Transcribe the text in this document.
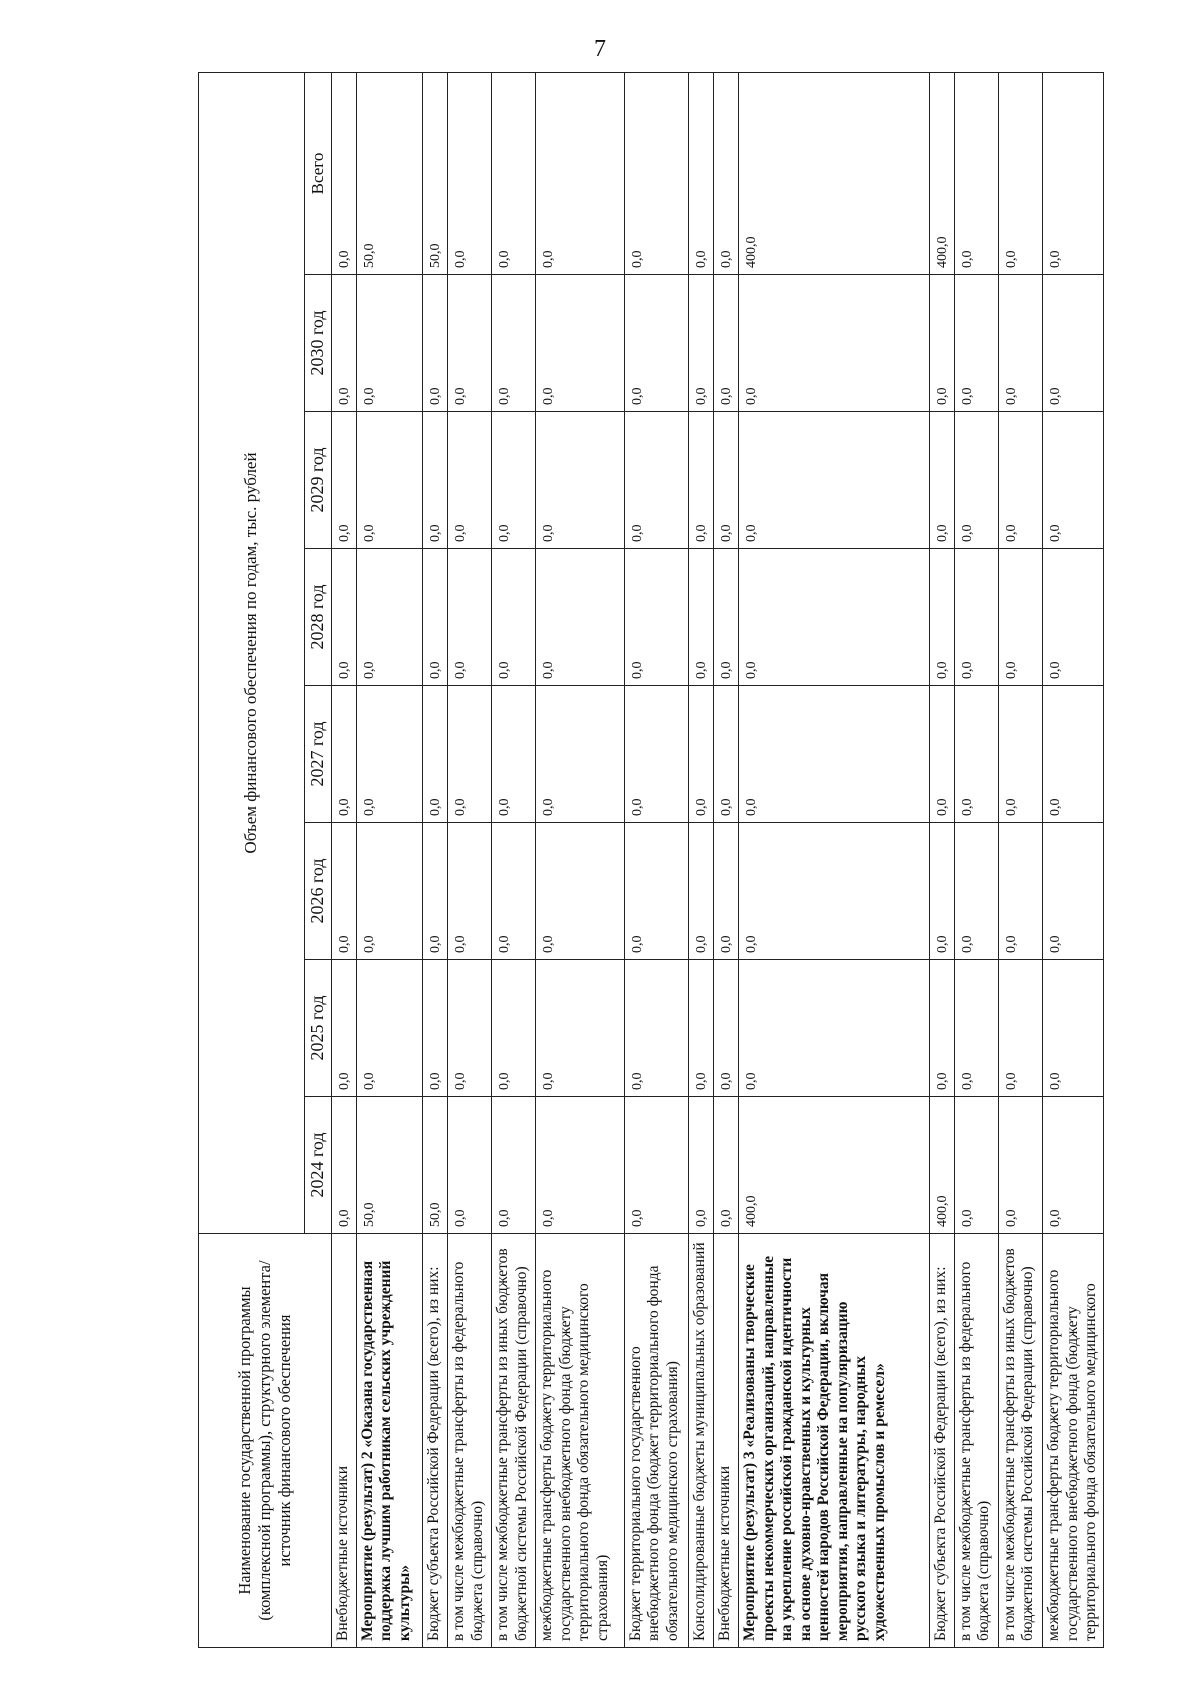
7
Наименование государственной программы (комплексной программы), структурного элемента/источник финансового обеспечения	Объем финансового обеспечения по годам, тыс. рублей							
	2024 год	2025 год	2026 год	2027 год	2028 год	2029 год	2030 год	Всего
Внебюджетные источники	0,0	0,0	0,0	0,0	0,0	0,0	0,0	0,0
Мероприятие (результат) 2 «Оказана государственная поддержка лучшим работникам сельских учреждений культуры»	50,0	0,0	0,0	0,0	0,0	0,0	0,0	50,0
Бюджет субъекта Российской Федерации (всего), из них:	50,0	0,0	0,0	0,0	0,0	0,0	0,0	50,0
в том числе межбюджетные трансферты из федерального бюджета (справочно)	0,0	0,0	0,0	0,0	0,0	0,0	0,0	0,0
в том числе межбюджетные трансферты из иных бюджетов бюджетной системы Российской Федерации (справочно)	0,0	0,0	0,0	0,0	0,0	0,0	0,0	0,0
межбюджетные трансферты бюджету территориального государственного внебюджетного фонда (бюджету территориального фонда обязательного медицинского страхования)	0,0	0,0	0,0	0,0	0,0	0,0	0,0	0,0
Бюджет территориального государственного внебюджетного фонда (бюджет территориального фонда обязательного медицинского страхования)	0,0	0,0	0,0	0,0	0,0	0,0	0,0	0,0
Консолидированные бюджеты муниципальных образований	0,0	0,0	0,0	0,0	0,0	0,0	0,0	0,0
Внебюджетные источники	0,0	0,0	0,0	0,0	0,0	0,0	0,0	0,0
Мероприятие (результат) 3 «Реализованы творческие проекты некоммерческих организаций, направленные на укрепление российской гражданской идентичности на основе духовно-нравственных и культурных ценностей народов Российской Федерации, включая мероприятия, направленные на популяризацию русского языка и литературы, народных художественных промыслов и ремесел»	400,0	0,0	0,0	0,0	0,0	0,0	0,0	400,0
Бюджет субъекта Российской Федерации (всего), из них:	400,0	0,0	0,0	0,0	0,0	0,0	0,0	400,0
в том числе межбюджетные трансферты из федерального бюджета (справочно)	0,0	0,0	0,0	0,0	0,0	0,0	0,0	0,0
в том числе межбюджетные трансферты из иных бюджетов бюджетной системы Российской Федерации (справочно)	0,0	0,0	0,0	0,0	0,0	0,0	0,0	0,0
межбюджетные трансферты бюджету территориального государственного внебюджетного фонда (бюджету территориального фонда обязательного медицинского	0,0	0,0	0,0	0,0	0,0	0,0	0,0	0,0
